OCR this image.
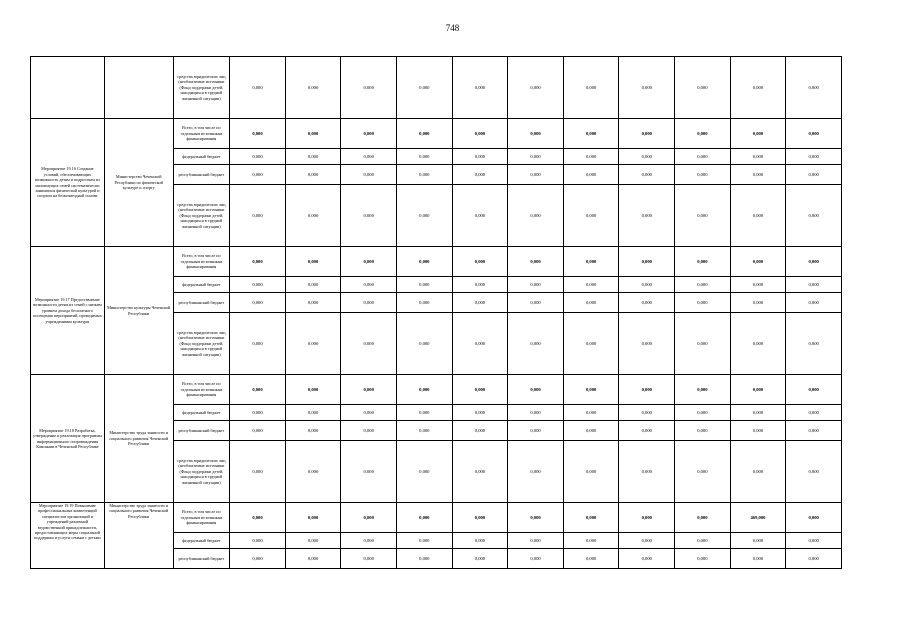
748
		средства юридических лиц (необлагаемые источники (Фонд поддержки детей, находящихся в трудной жизненной ситуации)	0,000	0,000	0,000	0,000	0,000	0,000	0,000	0,000	0,000	0,000	0,000
Мероприятие 19.16 Создание условий, обеспечивающих возможность детям и подросткам из малоимущих семей систематически заниматься физической культурой и спортом на безвозмездной основе	Министерство Чеченской Республики по физической культуре и спорту	Всего, в том числе по отдельным источникам финансирования	0,000	0,000	0,000	0,000	0,000	0,000	0,000	0,000	0,000	0,000	0,000
		федеральный бюджет	0,000	0,000	0,000	0,000	0,000	0,000	0,000	0,000	0,000	0,000	0,000
		республиканский бюджет	0,000	0,000	0,000	0,000	0,000	0,000	0,000	0,000	0,000	0,000	0,000
		средства юридических лиц (необлагаемые источники (Фонд поддержки детей, находящихся в трудной жизненной ситуации)	0,000	0,000	0,000	0,000	0,000	0,000	0,000	0,000	0,000	0,000	0,000
Мероприятие 19.17 Предоставление возможности детям из семей с низким уровнем дохода бесплатного посещения мероприятий, проводимых учреждениями культуры	Министерство культуры Чеченской Республики	Всего, в том числе по отдельным источникам финансирования	0,000	0,000	0,000	0,000	0,000	0,000	0,000	0,000	0,000	0,000	0,000
		федеральный бюджет	0,000	0,000	0,000	0,000	0,000	0,000	0,000	0,000	0,000	0,000	0,000
		республиканский бюджет	0,000	0,000	0,000	0,000	0,000	0,000	0,000	0,000	0,000	0,000	0,000
		средства юридических лиц (необлагаемые источники (Фонд поддержки детей, находящихся в трудной жизненной ситуации)	0,000	0,000	0,000	0,000	0,000	0,000	0,000	0,000	0,000	0,000	0,000
Мероприятие 19.18 Разработка, утверждение и реализация программы информационного сопровождения Кампании в Чеченской Республике	Министерство труда занятости и социального развития Чеченской Республики	Всего, в том числе по отдельным источникам финансирования	0,000	0,000	0,000	0,000	0,000	0,000	0,000	0,000	0,000	0,000	0,000
		федеральный бюджет	0,000	0,000	0,000	0,000	0,000	0,000	0,000	0,000	0,000	0,000	0,000
		республиканский бюджет	0,000	0,000	0,000	0,000	0,000	0,000	0,000	0,000	0,000	0,000	0,000
		средства юридических лиц (необлагаемые источники (Фонд поддержки детей, находящихся в трудной жизненной ситуации)	0,000	0,000	0,000	0,000	0,000	0,000	0,000	0,000	0,000	0,000	0,000
Мероприятие 19.19 Повышение профессиональных компетенций специалистов организаций и учреждений различной ведомственной принадлежности, предоставляющих меры социальной поддержки и услуги семьям с детьми	Министерство труда занятости и социального развития Чеченской Республики	Всего, в том числе по отдельным источникам финансирования	0,000	0,000	0,000	0,000	0,000	0,000	0,000	0,000	0,000	469,000	0,000
		федеральный бюджет	0,000	0,000	0,000	0,000	0,000	0,000	0,000	0,000	0,000	0,000	0,000
		республиканский бюджет	0,000	0,000	0,000	0,000	0,000	0,000	0,000	0,000	0,000	0,000	0,000
